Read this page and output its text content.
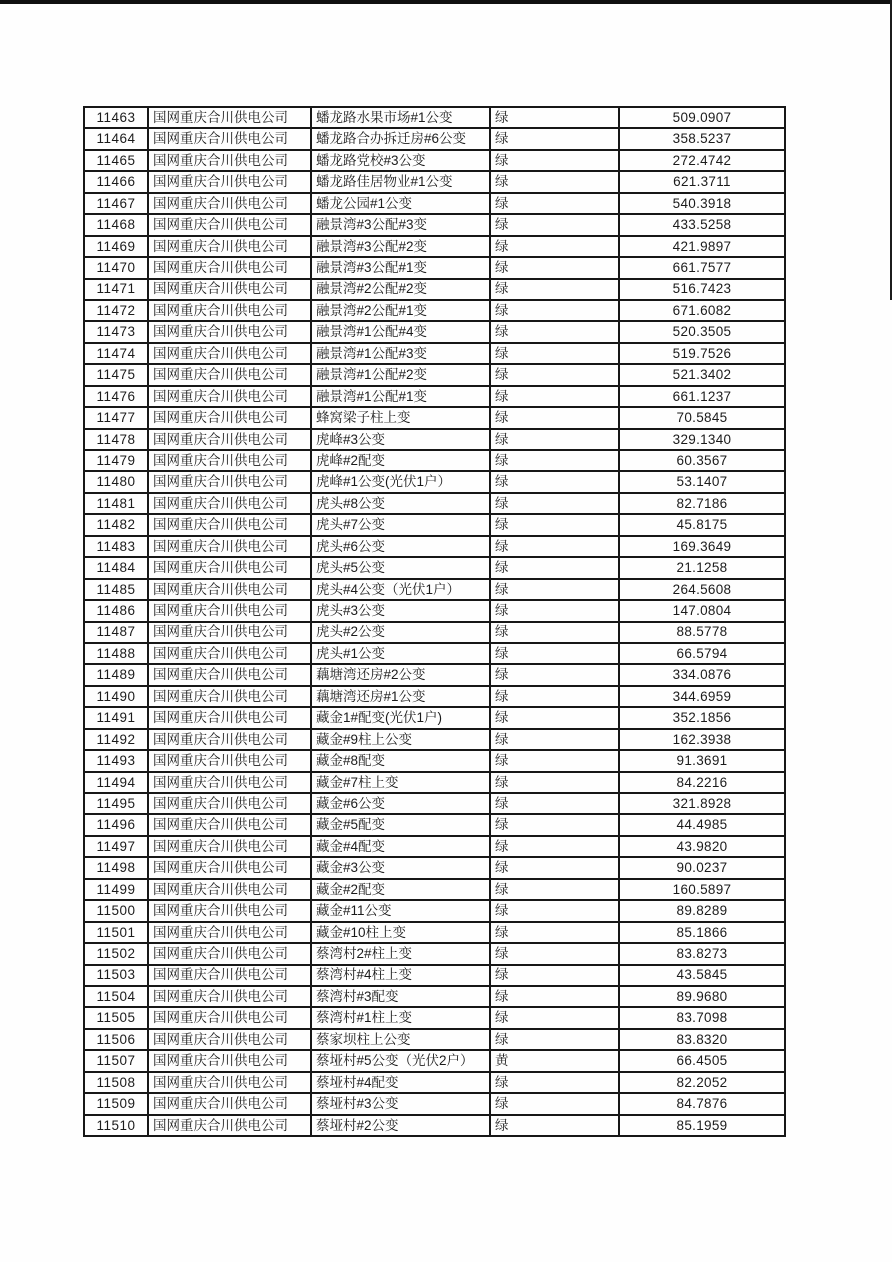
11463	国网重庆合川供电公司	蟠龙路水果市场#1公变	绿	509.0907
11464	国网重庆合川供电公司	蟠龙路合办拆迁房#6公变	绿	358.5237
11465	国网重庆合川供电公司	蟠龙路党校#3公变	绿	272.4742
11466	国网重庆合川供电公司	蟠龙路佳居物业#1公变	绿	621.3711
11467	国网重庆合川供电公司	蟠龙公园#1公变	绿	540.3918
11468	国网重庆合川供电公司	融景湾#3公配#3变	绿	433.5258
11469	国网重庆合川供电公司	融景湾#3公配#2变	绿	421.9897
11470	国网重庆合川供电公司	融景湾#3公配#1变	绿	661.7577
11471	国网重庆合川供电公司	融景湾#2公配#2变	绿	516.7423
11472	国网重庆合川供电公司	融景湾#2公配#1变	绿	671.6082
11473	国网重庆合川供电公司	融景湾#1公配#4变	绿	520.3505
11474	国网重庆合川供电公司	融景湾#1公配#3变	绿	519.7526
11475	国网重庆合川供电公司	融景湾#1公配#2变	绿	521.3402
11476	国网重庆合川供电公司	融景湾#1公配#1变	绿	661.1237
11477	国网重庆合川供电公司	蜂窝梁子柱上变	绿	70.5845
11478	国网重庆合川供电公司	虎峰#3公变	绿	329.1340
11479	国网重庆合川供电公司	虎峰#2配变	绿	60.3567
11480	国网重庆合川供电公司	虎峰#1公变(光伏1户）	绿	53.1407
11481	国网重庆合川供电公司	虎头#8公变	绿	82.7186
11482	国网重庆合川供电公司	虎头#7公变	绿	45.8175
11483	国网重庆合川供电公司	虎头#6公变	绿	169.3649
11484	国网重庆合川供电公司	虎头#5公变	绿	21.1258
11485	国网重庆合川供电公司	虎头#4公变（光伏1户）	绿	264.5608
11486	国网重庆合川供电公司	虎头#3公变	绿	147.0804
11487	国网重庆合川供电公司	虎头#2公变	绿	88.5778
11488	国网重庆合川供电公司	虎头#1公变	绿	66.5794
11489	国网重庆合川供电公司	藕塘湾还房#2公变	绿	334.0876
11490	国网重庆合川供电公司	藕塘湾还房#1公变	绿	344.6959
11491	国网重庆合川供电公司	藏金1#配变(光伏1户)	绿	352.1856
11492	国网重庆合川供电公司	藏金#9柱上公变	绿	162.3938
11493	国网重庆合川供电公司	藏金#8配变	绿	91.3691
11494	国网重庆合川供电公司	藏金#7柱上变	绿	84.2216
11495	国网重庆合川供电公司	藏金#6公变	绿	321.8928
11496	国网重庆合川供电公司	藏金#5配变	绿	44.4985
11497	国网重庆合川供电公司	藏金#4配变	绿	43.9820
11498	国网重庆合川供电公司	藏金#3公变	绿	90.0237
11499	国网重庆合川供电公司	藏金#2配变	绿	160.5897
11500	国网重庆合川供电公司	藏金#11公变	绿	89.8289
11501	国网重庆合川供电公司	藏金#10柱上变	绿	85.1866
11502	国网重庆合川供电公司	蔡湾村2#柱上变	绿	83.8273
11503	国网重庆合川供电公司	蔡湾村#4柱上变	绿	43.5845
11504	国网重庆合川供电公司	蔡湾村#3配变	绿	89.9680
11505	国网重庆合川供电公司	蔡湾村#1柱上变	绿	83.7098
11506	国网重庆合川供电公司	蔡家坝柱上公变	绿	83.8320
11507	国网重庆合川供电公司	蔡垭村#5公变（光伏2户）	黄	66.4505
11508	国网重庆合川供电公司	蔡垭村#4配变	绿	82.2052
11509	国网重庆合川供电公司	蔡垭村#3公变	绿	84.7876
11510	国网重庆合川供电公司	蔡垭村#2公变	绿	85.1959
